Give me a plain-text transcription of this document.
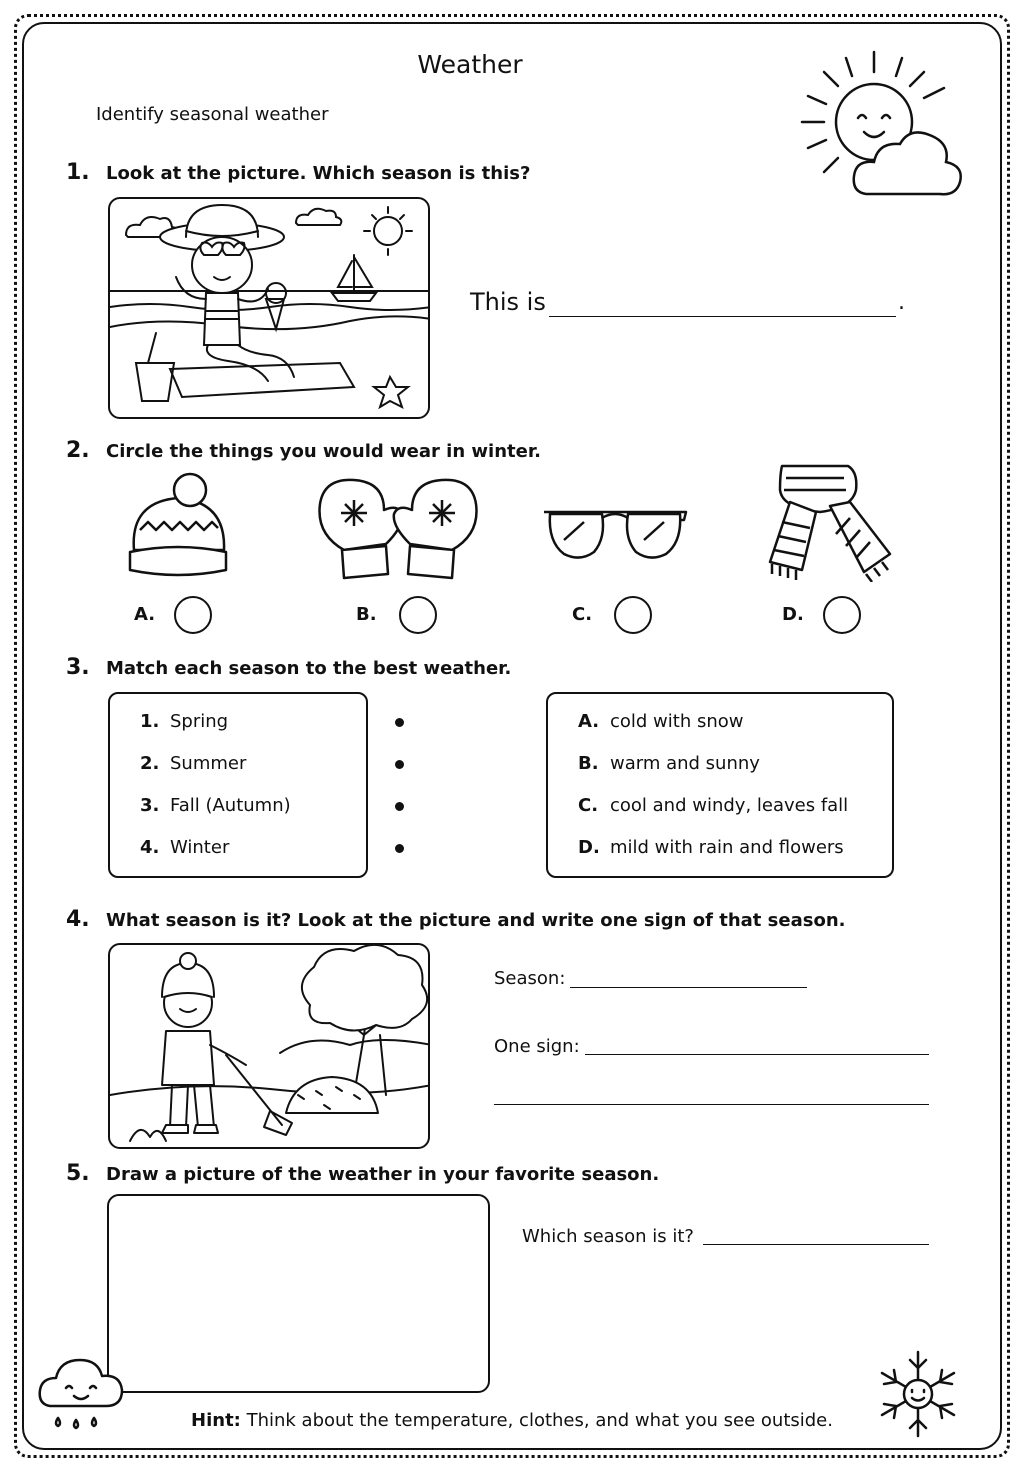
Weather
Identify seasonal weather
1. Look at the picture. Which season is this?
This is	.
2. Circle the things you would wear in winter.
A.	B.	C.	D.
3. Match each season to the best weather.
1. Spring
2. Summer
3. Fall (Autumn)
4. Winter
A. cold with snow
B. warm and sunny
C. cool and windy, leaves fall
D. mild with rain and flowers
4. What season is it? Look at the picture and write one sign of that season.
Season:
One sign:
5. Draw a picture of the weather in your favorite season.
Which season is it?
Hint: Think about the temperature, clothes, and what you see outside.
